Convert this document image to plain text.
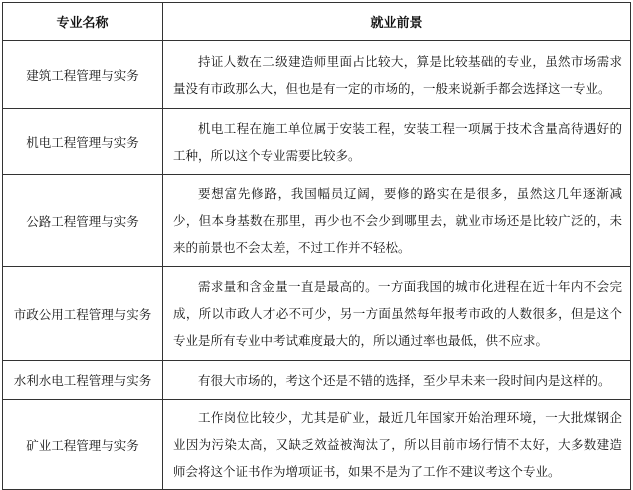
专业名称	就业前景
建筑工程管理与实务	持证人数在二级建造师里面占比较大，算是比较基础的专业，虽然市场需求量没有市政那么大，但也是有一定的市场的，一般来说新手都会选择这一专业。
机电工程管理与实务	机电工程在施工单位属于安装工程，安装工程一项属于技术含量高待遇好的工种，所以这个专业需要比较多。
公路工程管理与实务	要想富先修路，我国幅员辽阔，要修的路实在是很多，虽然这几年逐渐减少，但本身基数在那里，再少也不会少到哪里去，就业市场还是比较广泛的，未来的前景也不会太差，不过工作并不轻松。
市政公用工程管理与实务	需求量和含金量一直是最高的。一方面我国的城市化进程在近十年内不会完成，所以市政人才必不可少，另一方面虽然每年报考市政的人数很多，但是这个专业是所有专业中考试难度最大的，所以通过率也最低，供不应求。
水利水电工程管理与实务	有很大市场的，考这个还是不错的选择，至少早未来一段时间内是这样的。
矿业工程管理与实务	工作岗位比较少，尤其是矿业，最近几年国家开始治理环境，一大批煤钢企业因为污染太高，又缺乏效益被淘汰了，所以目前市场行情不太好，大多数建造师会将这个证书作为增项证书，如果不是为了工作不建议考这个专业。
